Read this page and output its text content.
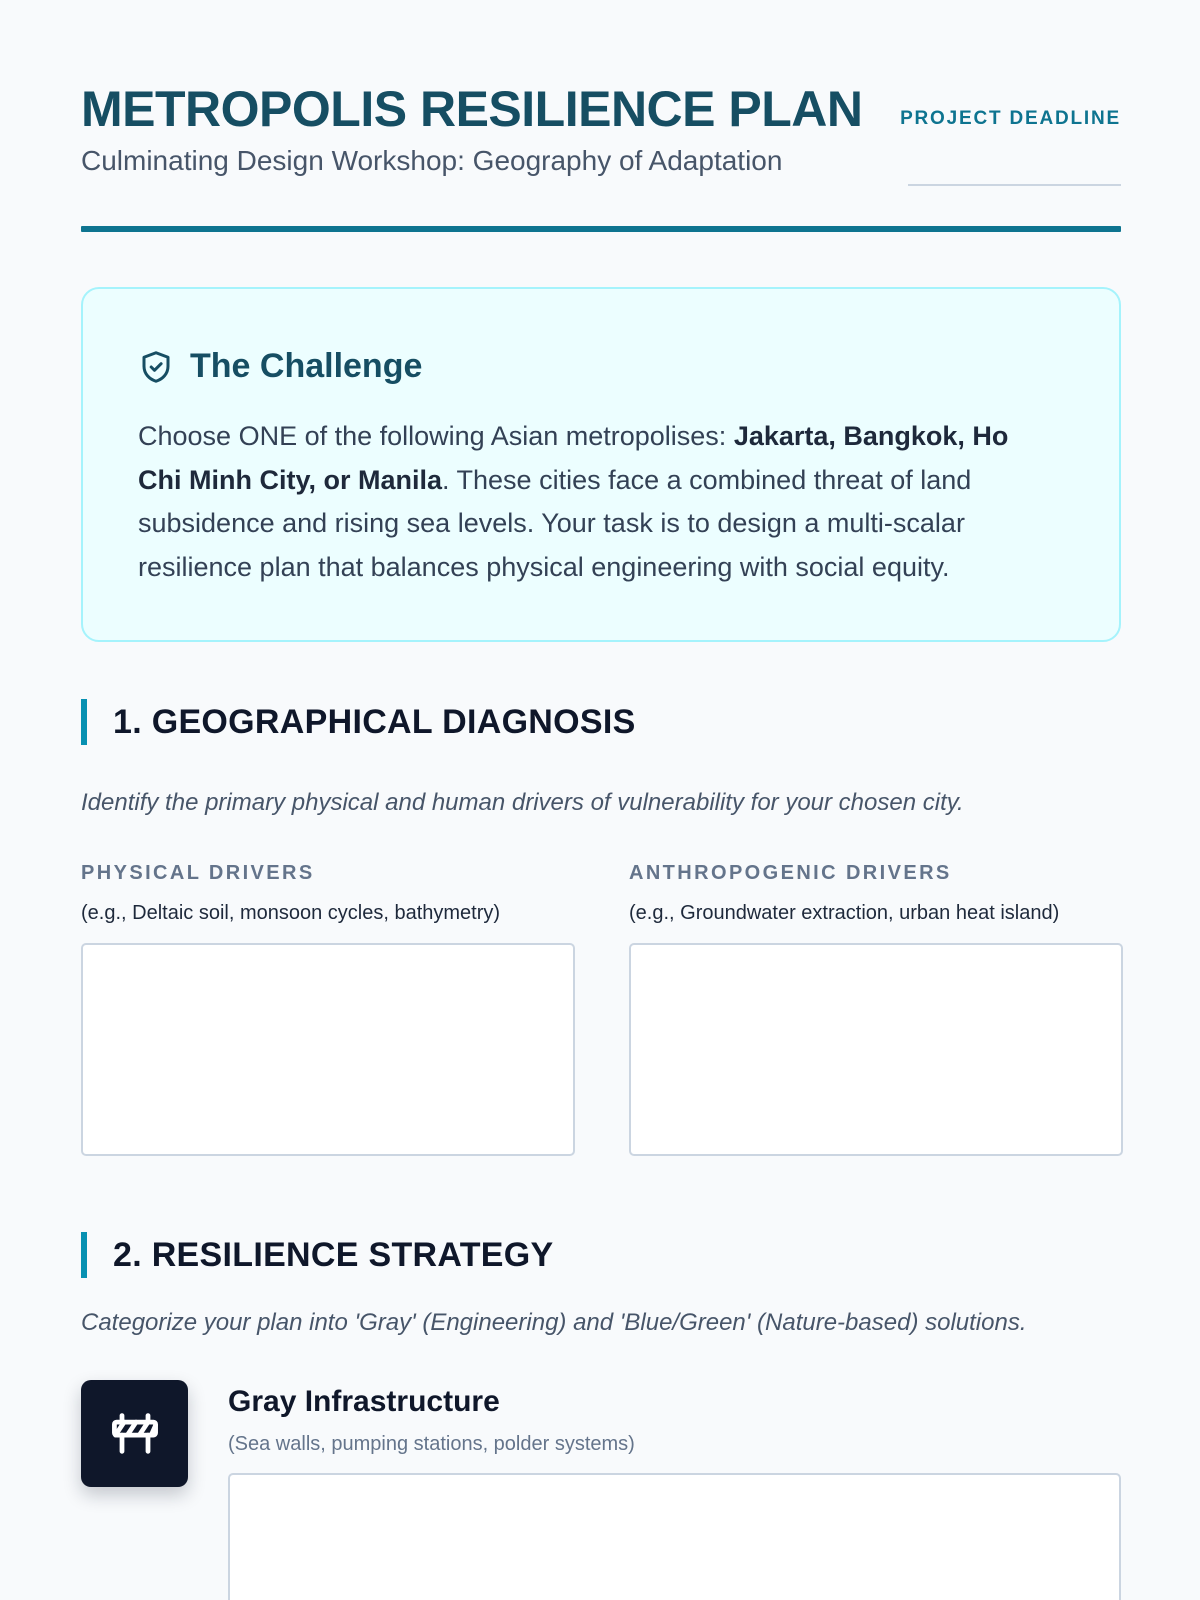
METROPOLIS RESILIENCE PLAN PROJECT DEADLINE
Culminating Design Workshop: Geography of Adaptation
The Challenge

Choose ONE of the following Asian metropolises: Jakarta, Bangkok, Ho Chi Minh City, or Manila. These cities face a combined threat of land subsidence and rising sea levels. Your task is to design a multi-scalar resilience plan that balances physical engineering with social equity.

1. GEOGRAPHICAL DIAGNOSIS

Identify the primary physical and human drivers of vulnerability for your chosen city.

PHYSICAL DRIVERS
(e.g., Deltaic soil, monsoon cycles, bathymetry)
ANTHROPOGENIC DRIVERS
(e.g., Groundwater extraction, urban heat island)
2. RESILIENCE STRATEGY

Categorize your plan into 'Gray' (Engineering) and 'Blue/Green' (Nature-based) solutions.

Gray Infrastructure
(Sea walls, pumping stations, polder systems)
